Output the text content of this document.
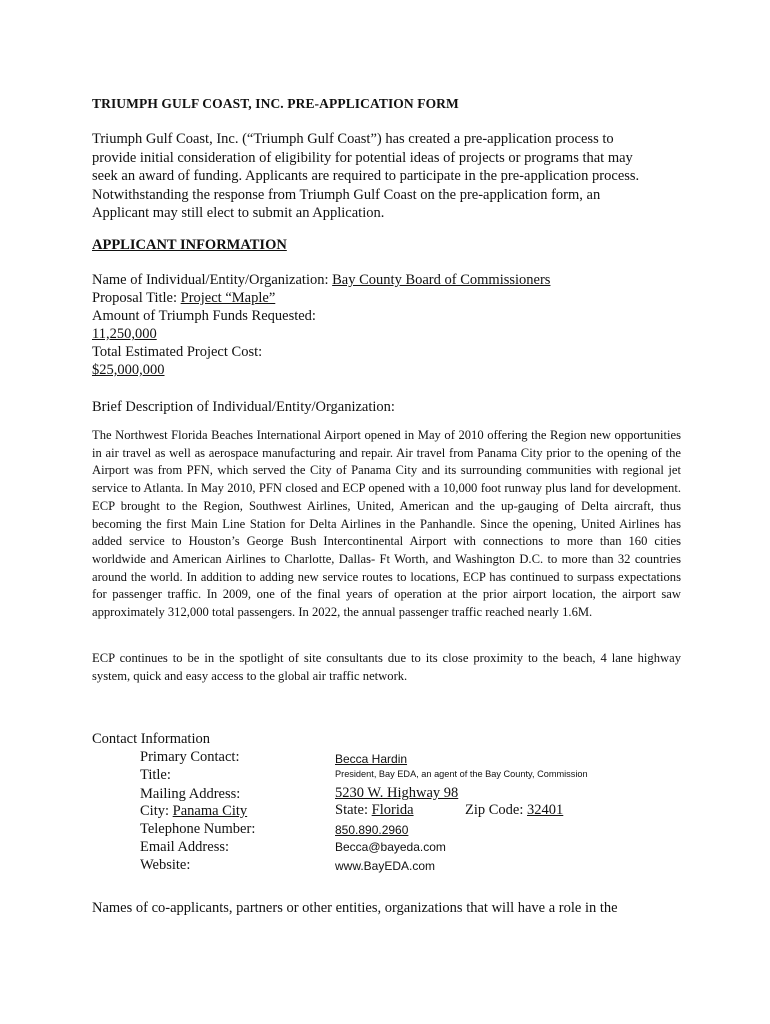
TRIUMPH GULF COAST, INC. PRE-APPLICATION FORM
Triumph Gulf Coast, Inc. (“Triumph Gulf Coast”) has created a pre-application process to
provide initial consideration of eligibility for potential ideas of projects or programs that may
seek an award of funding. Applicants are required to participate in the pre-application process.
Notwithstanding the response from Triumph Gulf Coast on the pre-application form, an
Applicant may still elect to submit an Application.
APPLICANT INFORMATION
Name of Individual/Entity/Organization: Bay County Board of Commissioners
Proposal Title: Project “Maple”
Amount of Triumph Funds Requested:
11,250,000
Total Estimated Project Cost:
$25,000,000
Brief Description of Individual/Entity/Organization:
The Northwest Florida Beaches International Airport opened in May of 2010 offering the Region new opportunities in air travel as well as aerospace manufacturing and repair. Air travel from Panama City prior to the opening of the Airport was from PFN, which served the City of Panama City and its surrounding communities with regional jet service to Atlanta. In May 2010, PFN closed and ECP opened with a 10,000 foot runway plus land for development. ECP brought to the Region, Southwest Airlines, United, American and the up-gauging of Delta aircraft, thus becoming the first Main Line Station for Delta Airlines in the Panhandle. Since the opening, United Airlines has added service to Houston’s George Bush Intercontinental Airport with connections to more than 160 cities worldwide and American Airlines to Charlotte, Dallas- Ft Worth, and Washington D.C. to more than 32 countries around the world. In addition to adding new service routes to locations, ECP has continued to surpass expectations for passenger traffic. In 2009, one of the final years of operation at the prior airport location, the airport saw approximately 312,000 total passengers. In 2022, the annual passenger traffic reached nearly 1.6M.
ECP continues to be in the spotlight of site consultants due to its close proximity to the beach, 4 lane highway system, quick and easy access to the global air traffic network.
Contact Information
Primary Contact:	Becca Hardin
Title:	President, Bay EDA, an agent of the Bay County, Commission
Mailing Address:	5230 W. Highway 98
City: Panama City	State: Florida	Zip Code: 32401
Telephone Number:	850.890.2960
Email Address:	Becca@bayeda.com
Website:	www.BayEDA.com
Names of co-applicants, partners or other entities, organizations that will have a role in the
